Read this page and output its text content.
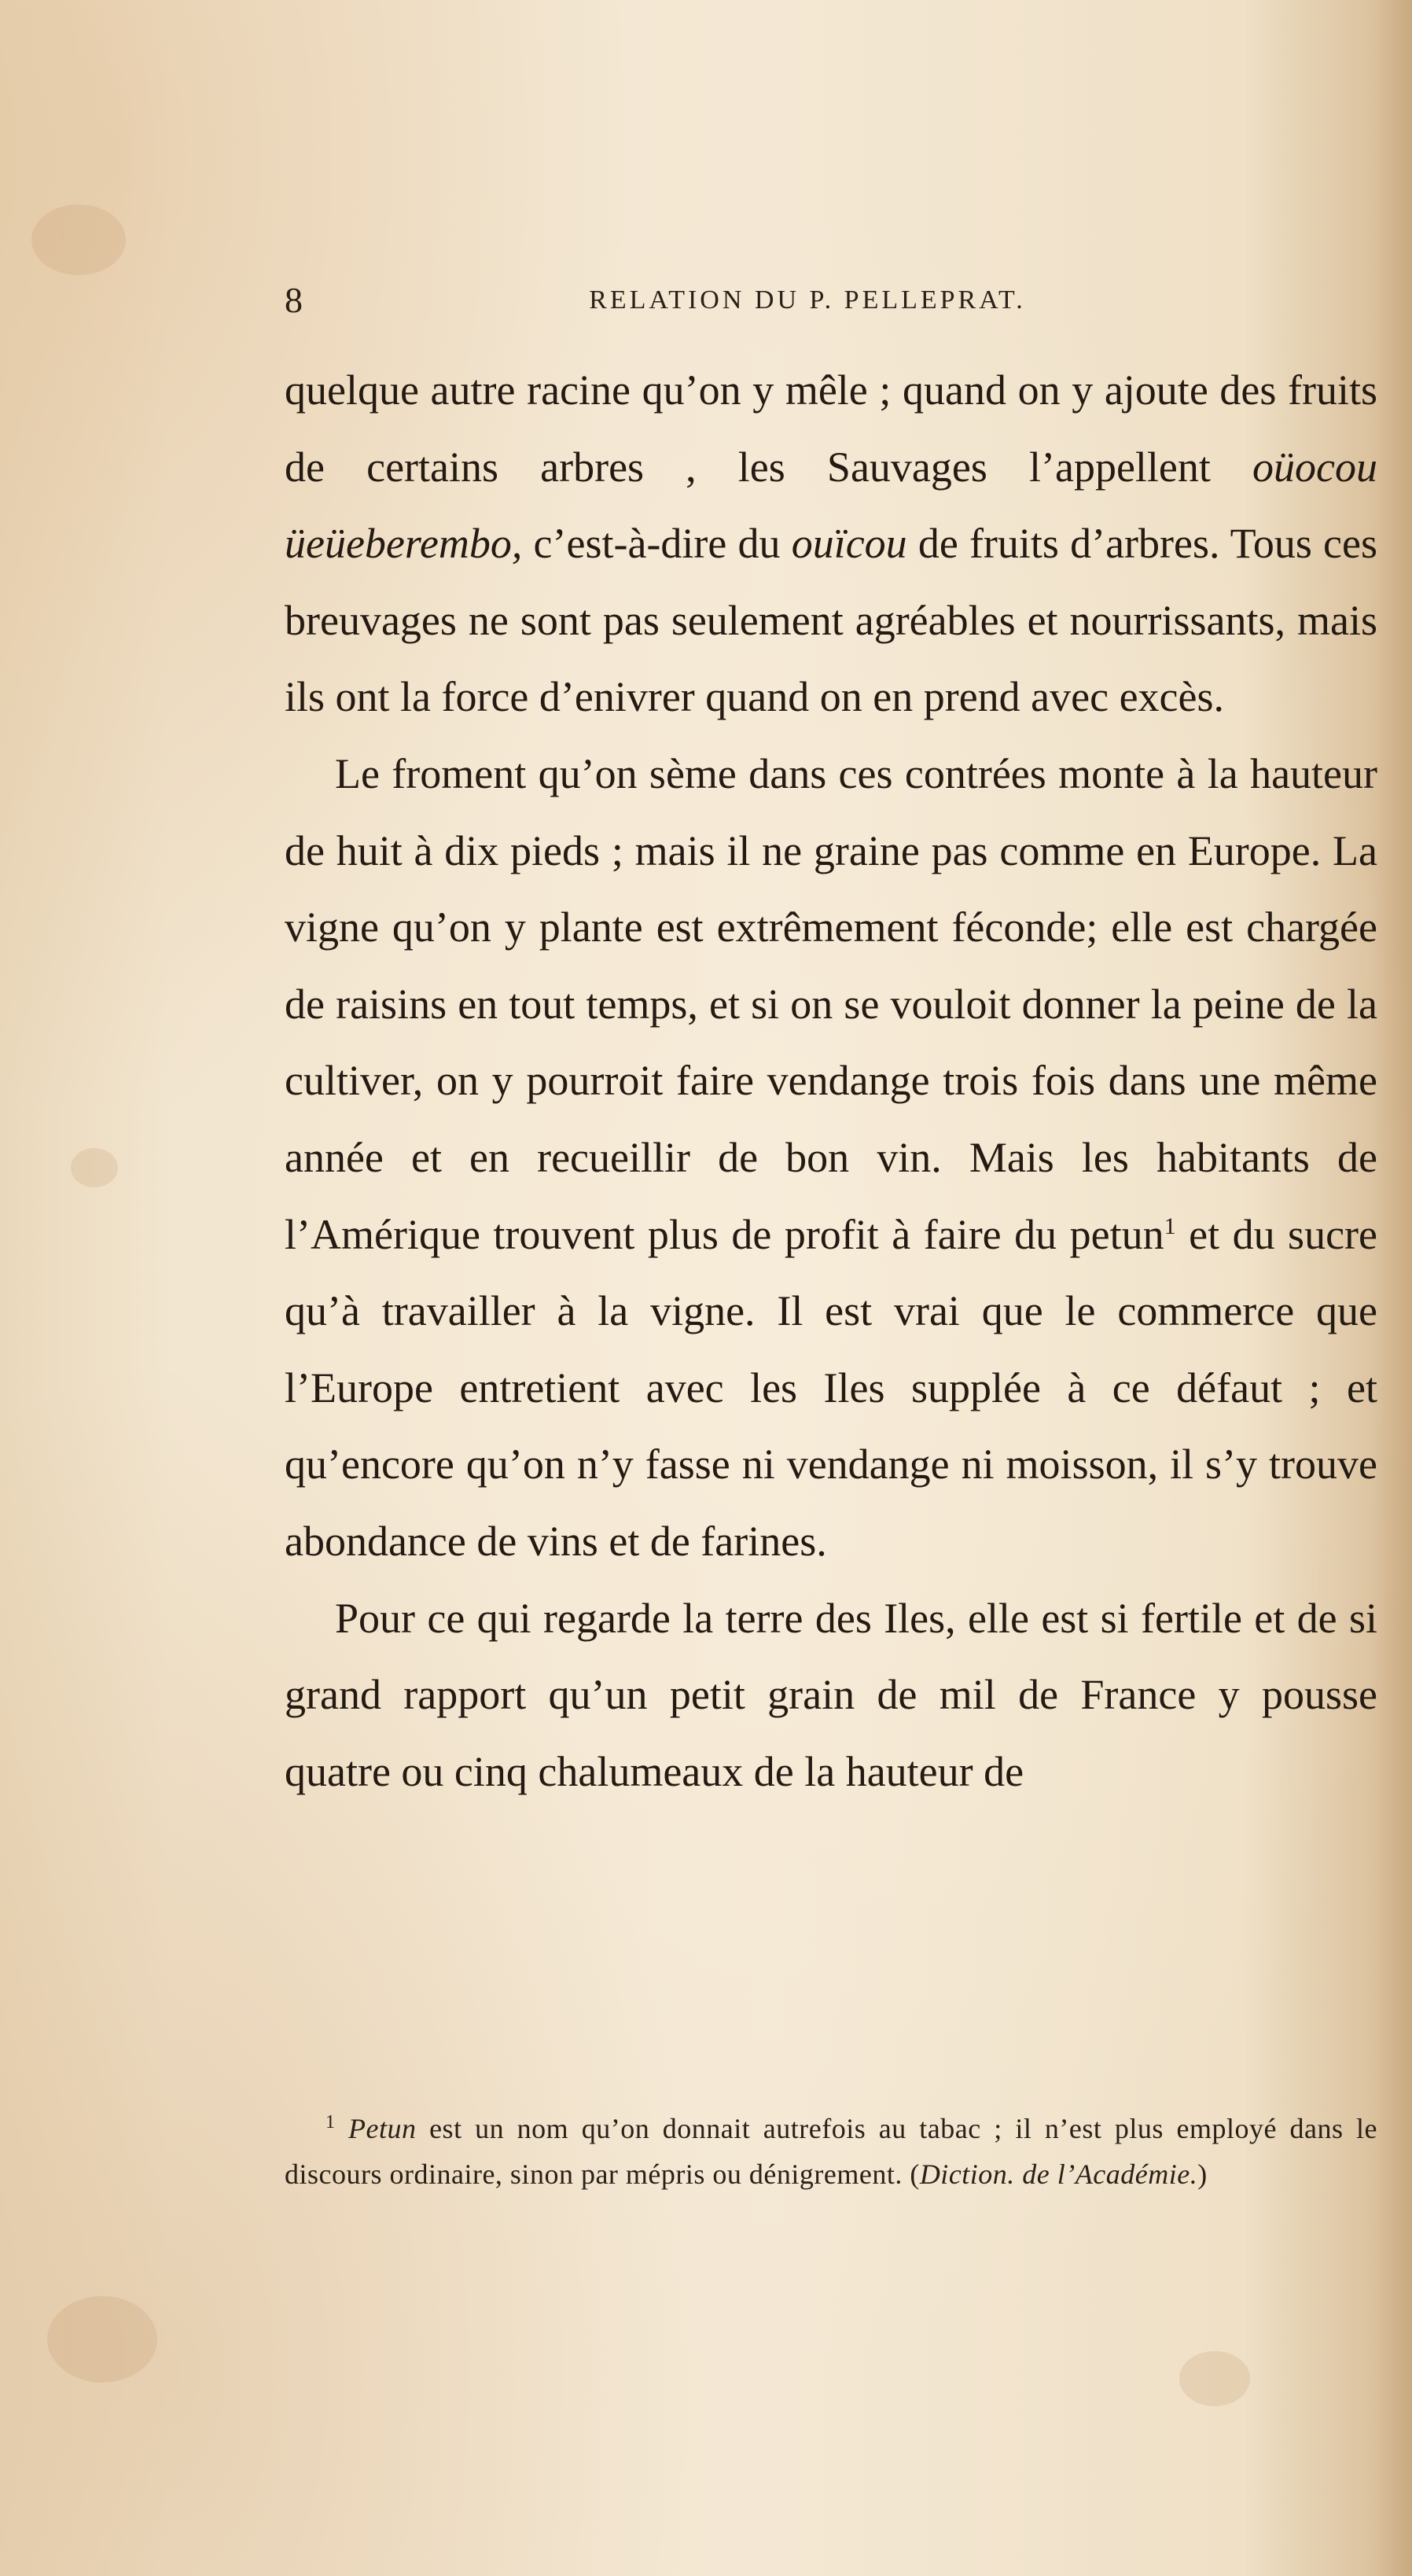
8	RELATION DU P. PELLEPRAT.

quelque autre racine qu’on y mêle ; quand on y ajoute des fruits de certains arbres , les Sauvages l’appellent oüocou üeüeberembo, c’est-à-dire du ouïcou de fruits d’arbres. Tous ces breuvages ne sont pas seulement agréables et nourrissants, mais ils ont la force d’enivrer quand on en prend avec excès.

Le froment qu’on sème dans ces contrées monte à la hauteur de huit à dix pieds ; mais il ne graine pas comme en Europe. La vigne qu’on y plante est extrêmement féconde; elle est chargée de raisins en tout temps, et si on se vouloit donner la peine de la cultiver, on y pourroit faire vendange trois fois dans une même année et en recueillir de bon vin. Mais les habitants de l’Amérique trouvent plus de profit à faire du petun$^1$ et du sucre qu’à travailler à la vigne. Il est vrai que le commerce que l’Europe entretient avec les Iles supplée à ce défaut ; et qu’encore qu’on n’y fasse ni vendange ni moisson, il s’y trouve abondance de vins et de farines.

Pour ce qui regarde la terre des Iles, elle est si fertile et de si grand rapport qu’un petit grain de mil de France y pousse quatre ou cinq chalumeaux de la hauteur de

$^1$ Petun est un nom qu’on donnait autrefois au tabac ; il n’est plus employé dans le discours ordinaire, sinon par mépris ou dénigrement. (Diction. de l’Académie.)
